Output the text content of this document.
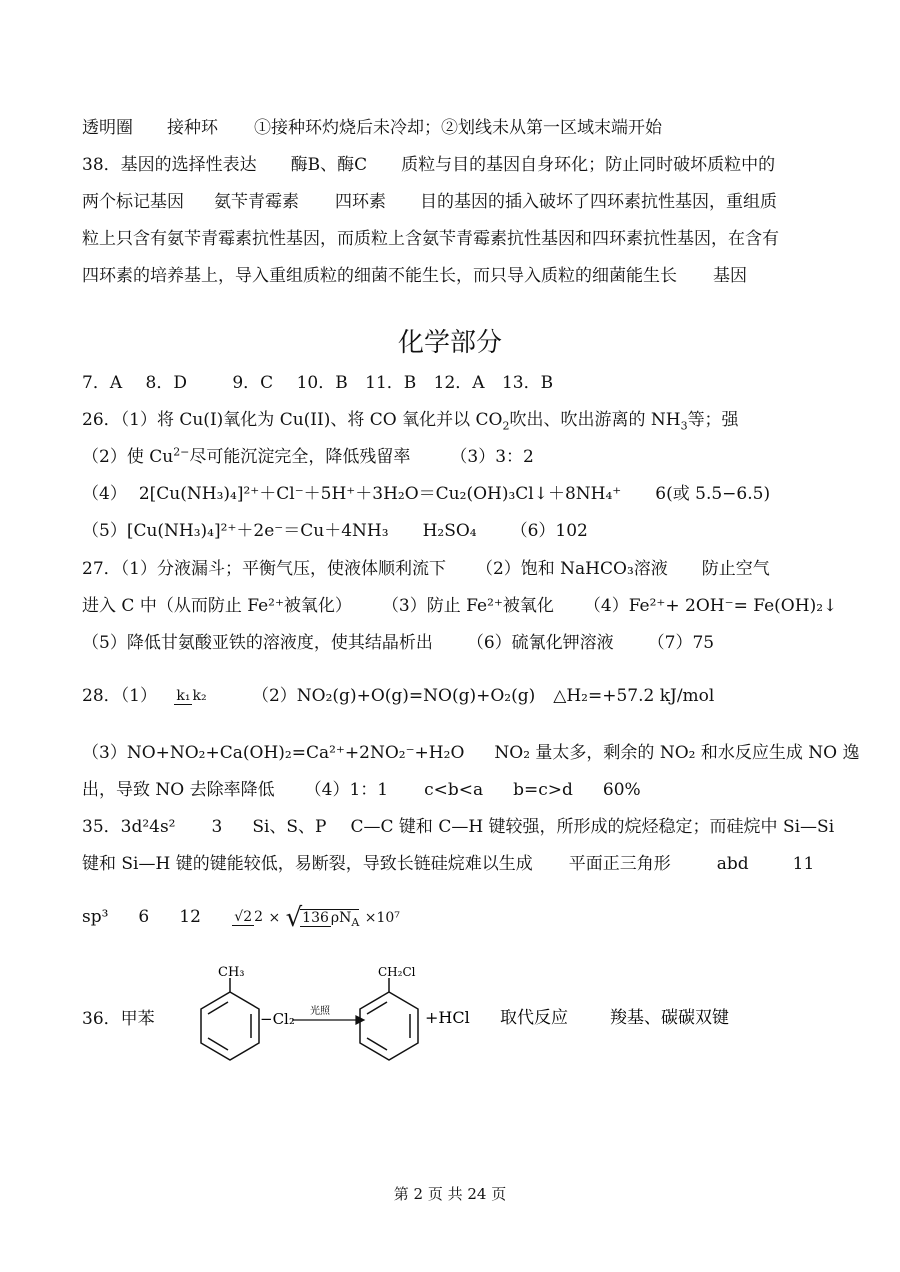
透明圈 接种环 ①接种环灼烧后未冷却；②划线未从第一区域末端开始
38．基因的选择性表达 酶B、酶C 质粒与目的基因自身环化；防止同时破坏质粒中的
两个标记基因 氨苄青霉素 四环素 目的基因的插入破坏了四环素抗性基因，重组质
粒上只含有氨苄青霉素抗性基因，而质粒上含氨苄青霉素抗性基因和四环素抗性基因，在含有
四环素的培养基上，导入重组质粒的细菌不能生长，而只导入质粒的细菌能生长 基因
化学部分
7．A 8．D	9．C 10．B 11．B 12．A 13．B
26．（1）将 Cu(I)氧化为 Cu(II)、将 CO 氧化并以 $CO_2$吹出、吹出游离的 $NH_3$等；强
（2）使 $Cu^{2-}$尽可能沉淀完全，降低残留率 （3）3：2
（4） 2[Cu(NH₃)₄]²⁺＋Cl⁻＋5H⁺＋3H₂O＝Cu₂(OH)₃Cl↓＋8NH₄⁺ 6(或 5.5−6.5)
（5）[Cu(NH₃)₄]²⁺＋2e⁻＝Cu＋4NH₃ H₂SO₄ （6）102
27．（1）分液漏斗；平衡气压，使液体顺利流下 （2）饱和 NaHCO₃溶液 防止空气
进入 C 中（从而防止 Fe²⁺被氧化） （3）防止 Fe²⁺被氧化 （4）Fe²⁺+ 2OH⁻= Fe(OH)₂↓
（5）降低甘氨酸亚铁的溶液度，使其结晶析出 （6）硫氰化钾溶液 （7）75
28．（1） k₁ k₂	（2）NO₂(g)+O(g)=NO(g)+O₂(g) △H₂=+57.2 kJ/mol
（3）NO+NO₂+Ca(OH)₂=Ca²⁺+2NO₂⁻+H₂O NO₂ 量太多，剩余的 NO₂ 和水反应生成 NO 逸
出，导致 NO 去除率降低 （4）1：1 c<b<a b=c>d 60%
35．3d²4s² 3 Si、S、P C—C 键和 C—H 键较强，所形成的烷烃稳定；而硅烷中 Si—Si
键和 Si—H 键的键能较低，易断裂，导致长链硅烷难以生成 平面正三角形	abd	11
sp³ 6 12 √2 2 × √136 $\rho N_A \times 10^7$
36．甲苯
CH₃
−Cl₂ 光照
CH₂Cl
+HCl 取代反应 羧基、碳碳双键
第 2 页 共 24 页
